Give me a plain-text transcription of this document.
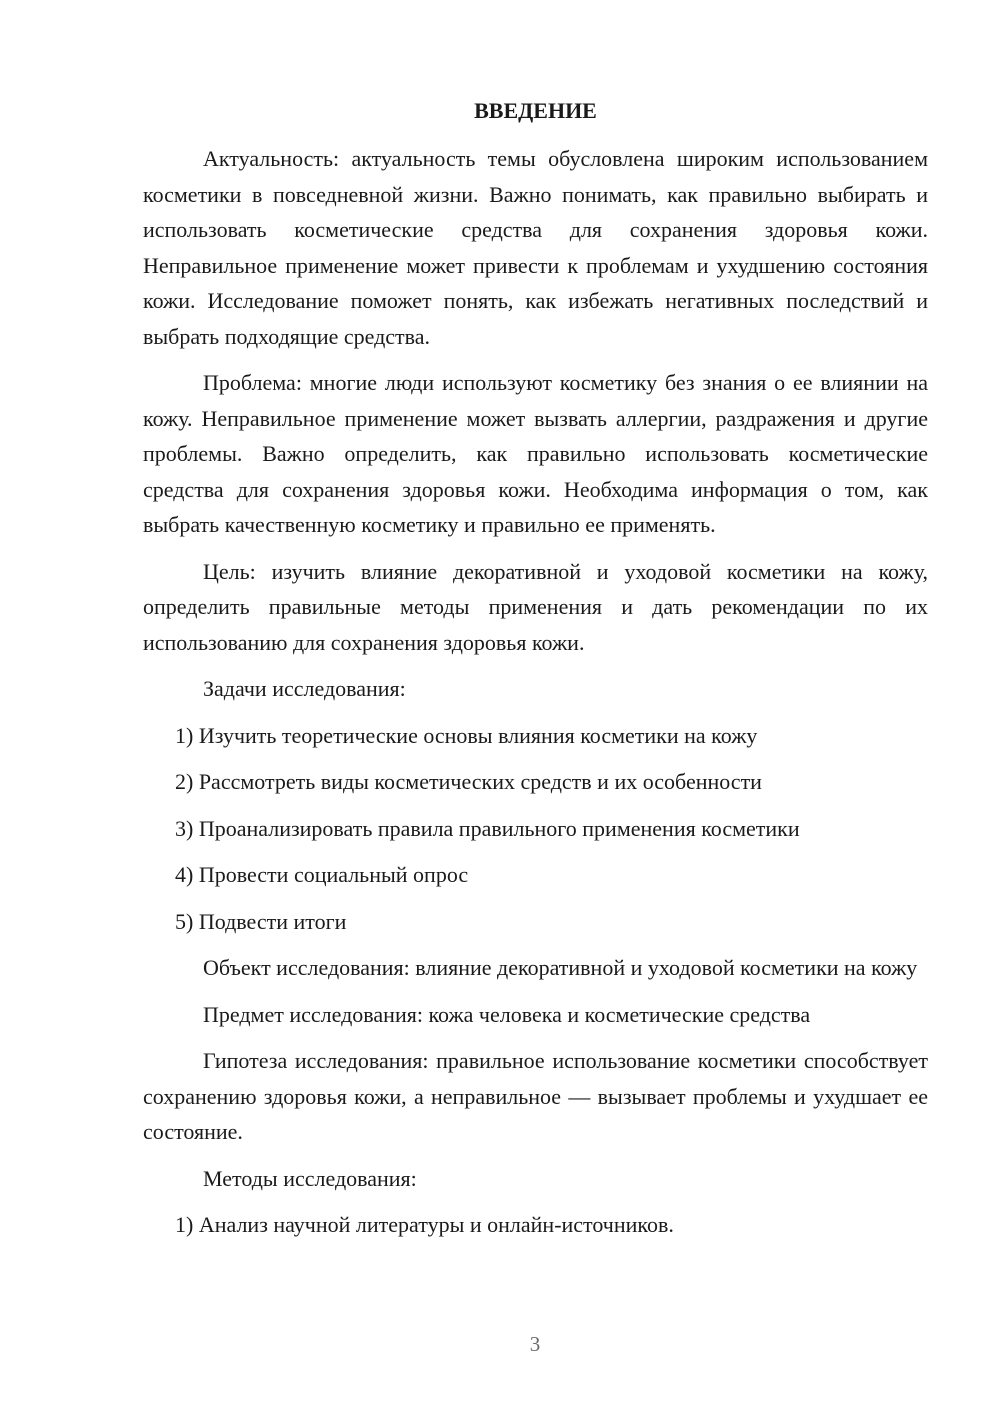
ВВЕДЕНИЕ

Актуальность: актуальность темы обусловлена широким использованием косметики в повседневной жизни. Важно понимать, как правильно выбирать и использовать косметические средства для сохранения здоровья кожи. Неправильное применение может привести к проблемам и ухудшению состояния кожи. Исследование поможет понять, как избежать негативных последствий и выбрать подходящие средства.

Проблема: многие люди используют косметику без знания о ее влиянии на кожу. Неправильное применение может вызвать аллергии, раздражения и другие проблемы. Важно определить, как правильно использовать косметические средства для сохранения здоровья кожи. Необходима информация о том, как выбрать качественную косметику и правильно ее применять.

Цель: изучить влияние декоративной и уходовой косметики на кожу, определить правильные методы применения и дать рекомендации по их использованию для сохранения здоровья кожи.

Задачи исследования:

1) Изучить теоретические основы влияния косметики на кожу
2) Рассмотреть виды косметических средств и их особенности
3) Проанализировать правила правильного применения косметики
4) Провести социальный опрос
5) Подвести итоги

Объект исследования: влияние декоративной и уходовой косметики на кожу

Предмет исследования: кожа человека и косметические средства

Гипотеза исследования: правильное использование косметики способствует сохранению здоровья кожи, а неправильное — вызывает проблемы и ухудшает ее состояние.

Методы исследования:

1) Анализ научной литературы и онлайн-источников.
3
